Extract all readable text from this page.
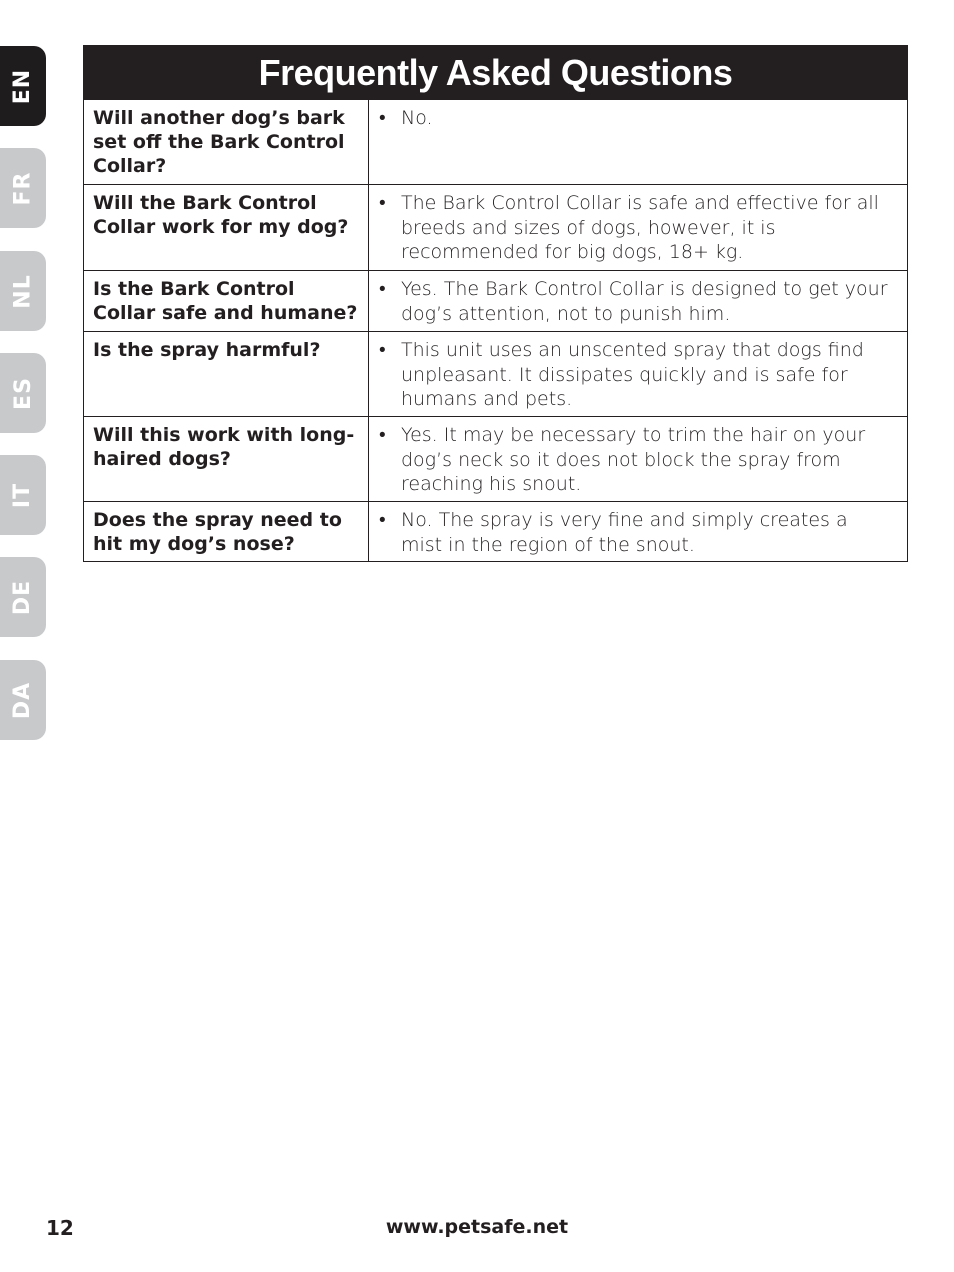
EN
FR
NL
ES
IT
DE
DA
Frequently Asked Questions
Will another dog’s bark set off the Bark Control Collar?
• No.
Will the Bark Control Collar work for my dog?
• The Bark Control Collar is safe and effective for all breeds and sizes of dogs, however, it is recommended for big dogs, 18+ kg.
Is the Bark Control Collar safe and humane?
• Yes. The Bark Control Collar is designed to get your dog’s attention, not to punish him.
Is the spray harmful?	• This unit uses an unscented spray that dogs find unpleasant. It dissipates quickly and is safe for humans and pets.
Will this work with long-haired dogs?
• Yes. It may be necessary to trim the hair on your dog’s neck so it does not block the spray from reaching his snout.
Does the spray need to hit my dog’s nose?
• No. The spray is very fine and simply creates a mist in the region of the snout.
12	www.petsafe.net
